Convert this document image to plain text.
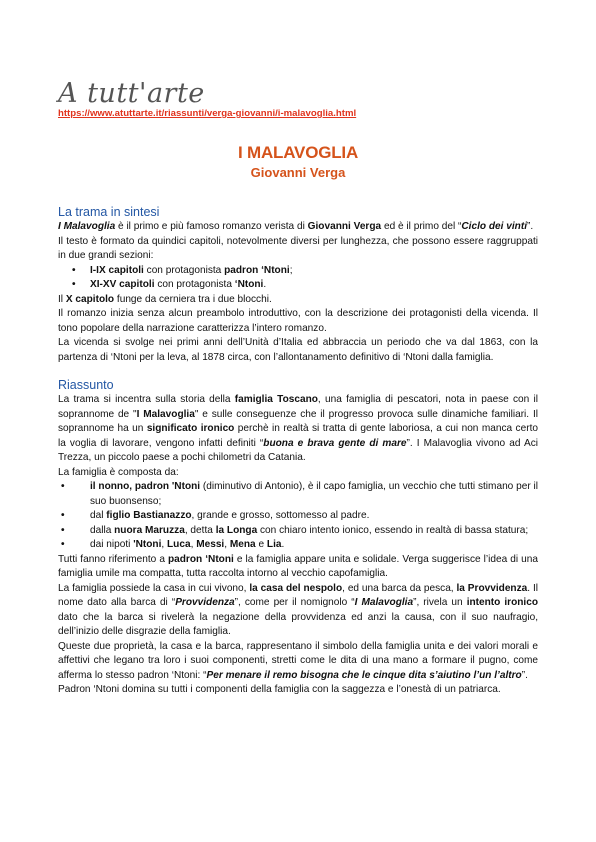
A tutt'arte
https://www.atuttarte.it/riassunti/verga-giovanni/i-malavoglia.html
I MALAVOGLIA
Giovanni Verga
La trama in sintesi

I Malavoglia è il primo e più famoso romanzo verista di Giovanni Verga ed è il primo del “Ciclo dei vinti”.

Il testo è formato da quindici capitoli, notevolmente diversi per lunghezza, che possono essere raggruppati in due grandi sezioni:

• I-IX capitoli con protagonista padron ‘Ntoni;
• XI-XV capitoli con protagonista ‘Ntoni.

Il X capitolo funge da cerniera tra i due blocchi.

Il romanzo inizia senza alcun preambolo introduttivo, con la descrizione dei protagonisti della vicenda. Il tono popolare della narrazione caratterizza l’intero romanzo.

La vicenda si svolge nei primi anni dell’Unità d’Italia ed abbraccia un periodo che va dal 1863, con la partenza di ‘Ntoni per la leva, al 1878 circa, con l’allontanamento definitivo di ‘Ntoni dalla famiglia.

Riassunto

La trama si incentra sulla storia della famiglia Toscano, una famiglia di pescatori, nota in paese con il soprannome de "I Malavoglia" e sulle conseguenze che il progresso provoca sulle dinamiche familiari. Il soprannome ha un significato ironico perchè in realtà si tratta di gente laboriosa, a cui non manca certo la voglia di lavorare, vengono infatti definiti “buona e brava gente di mare”. I Malavoglia vivono ad Aci Trezza, un piccolo paese a pochi chilometri da Catania.

La famiglia è composta da:

• il nonno, padron 'Ntoni (diminutivo di Antonio), è il capo famiglia, un vecchio che tutti stimano per il suo buonsenso;
• dal figlio Bastianazzo, grande e grosso, sottomesso al padre.
• dalla nuora Maruzza, detta la Longa con chiaro intento ionico, essendo in realtà di bassa statura;
• dai nipoti 'Ntoni, Luca, Messi, Mena e Lia.

Tutti fanno riferimento a padron ‘Ntoni e la famiglia appare unita e solidale. Verga suggerisce l’idea di una famiglia umile ma compatta, tutta raccolta intorno al vecchio capofamiglia.

La famiglia possiede la casa in cui vivono, la casa del nespolo, ed una barca da pesca, la Provvidenza. Il nome dato alla barca di “Provvidenza”, come per il nomignolo “I Malavoglia”, rivela un intento ironico dato che la barca si rivelerà la negazione della provvidenza ed anzi la causa, con il suo naufragio, dell’inizio delle disgrazie della famiglia.

Queste due proprietà, la casa e la barca, rappresentano il simbolo della famiglia unita e dei valori morali e affettivi che legano tra loro i suoi componenti, stretti come le dita di una mano a formare il pugno, come afferma lo stesso padron ‘Ntoni: “Per menare il remo bisogna che le cinque dita s’aiutino l’un l’altro”.

Padron ‘Ntoni domina su tutti i componenti della famiglia con la saggezza e l’onestà di un patriarca.
